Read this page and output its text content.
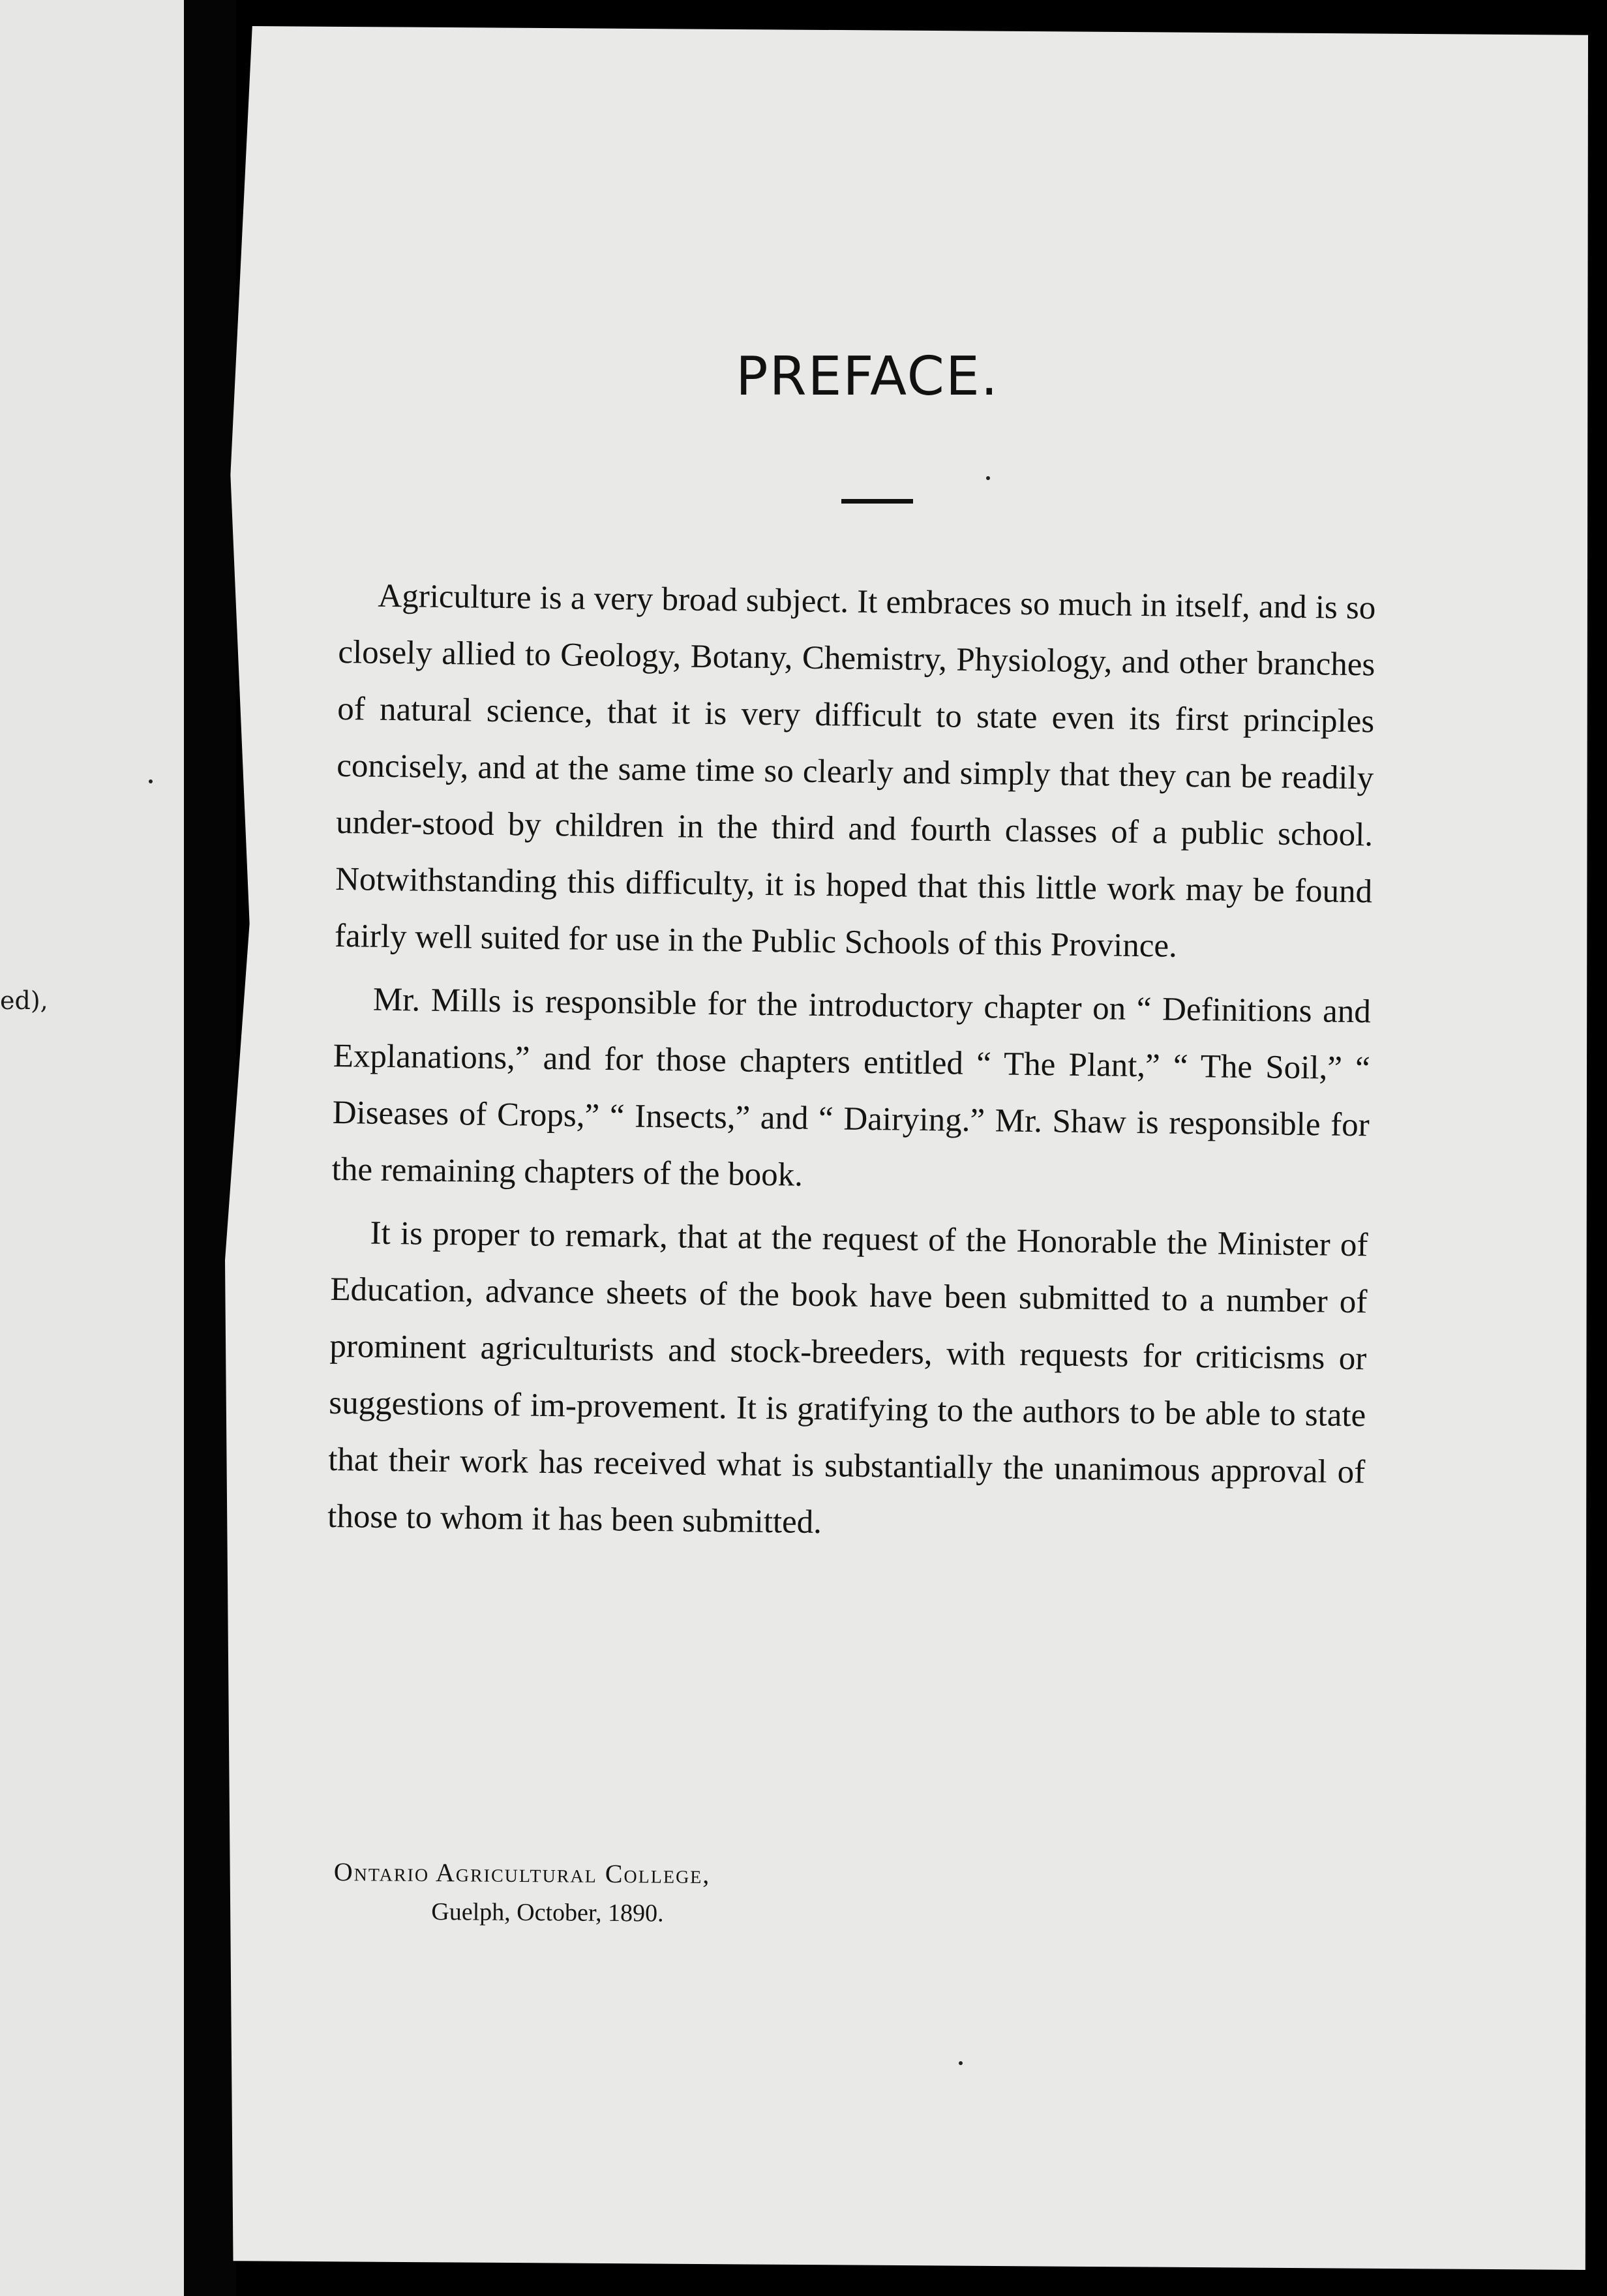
ed),
PREFACE.

Agriculture is a very broad subject. It embraces so much in itself, and is so closely allied to Geology, Botany, Chemistry, Physiology, and other branches of natural science, that it is very difficult to state even its first principles concisely, and at the same time so clearly and simply that they can be readily under-stood by children in the third and fourth classes of a public school. Notwithstanding this difficulty, it is hoped that this little work may be found fairly well suited for use in the Public Schools of this Province.

Mr. Mills is responsible for the introductory chapter on “ Definitions and Explanations,” and for those chapters entitled “ The Plant,” “ The Soil,” “ Diseases of Crops,” “ Insects,” and “ Dairying.” Mr. Shaw is responsible for the remaining chapters of the book.

It is proper to remark, that at the request of the Honorable the Minister of Education, advance sheets of the book have been submitted to a number of prominent agriculturists and stock-breeders, with requests for criticisms or suggestions of im-provement. It is gratifying to the authors to be able to state that their work has received what is substantially the unanimous approval of those to whom it has been submitted.

Ontario Agricultural College,
Guelph, October, 1890.
